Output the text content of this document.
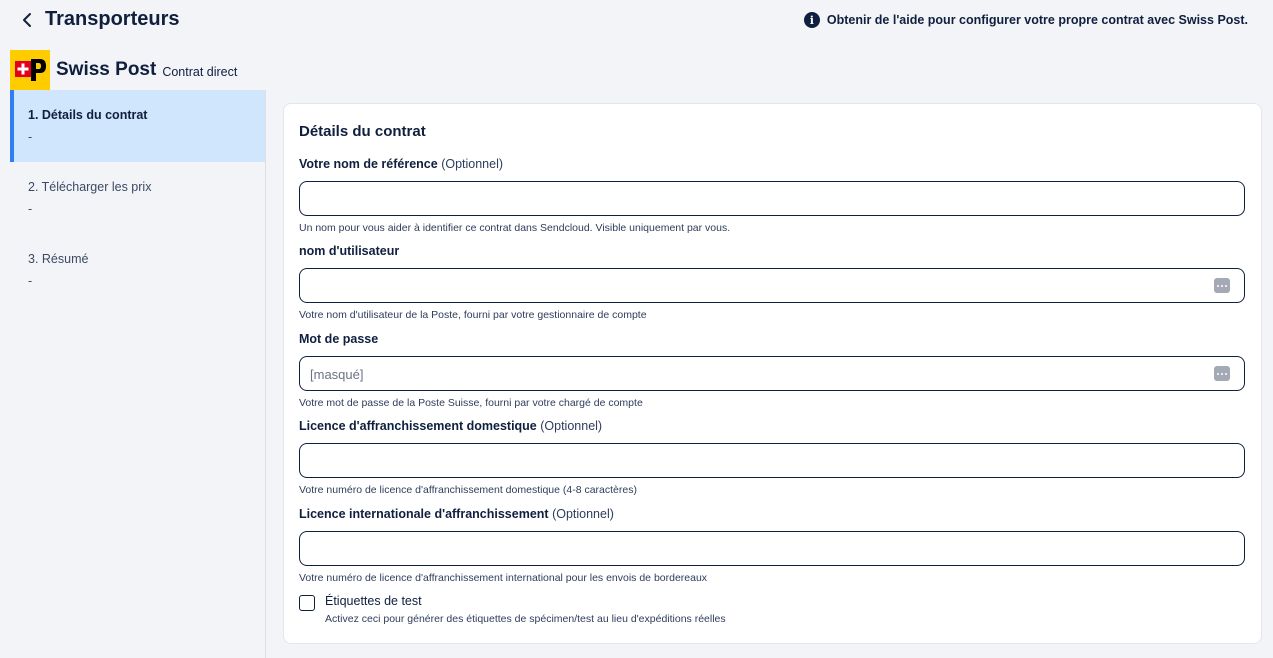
Transporteurs	i	Obtenir de l'aide pour configurer votre propre contrat avec Swiss Post.
Swiss Post Contrat direct
1. Détails du contrat
-
2. Télécharger les prix
-
3. Résumé
-
Détails du contrat
Votre nom de référence (Optionnel)
Un nom pour vous aider à identifier ce contrat dans Sendcloud. Visible uniquement par vous.
nom d'utilisateur
Votre nom d'utilisateur de la Poste, fourni par votre gestionnaire de compte
Mot de passe
[masqué]
Votre mot de passe de la Poste Suisse, fourni par votre chargé de compte
Licence d'affranchissement domestique (Optionnel)
Votre numéro de licence d'affranchissement domestique (4-8 caractères)
Licence internationale d'affranchissement (Optionnel)
Votre numéro de licence d'affranchissement international pour les envois de bordereaux
Étiquettes de test
Activez ceci pour générer des étiquettes de spécimen/test au lieu d'expéditions réelles
